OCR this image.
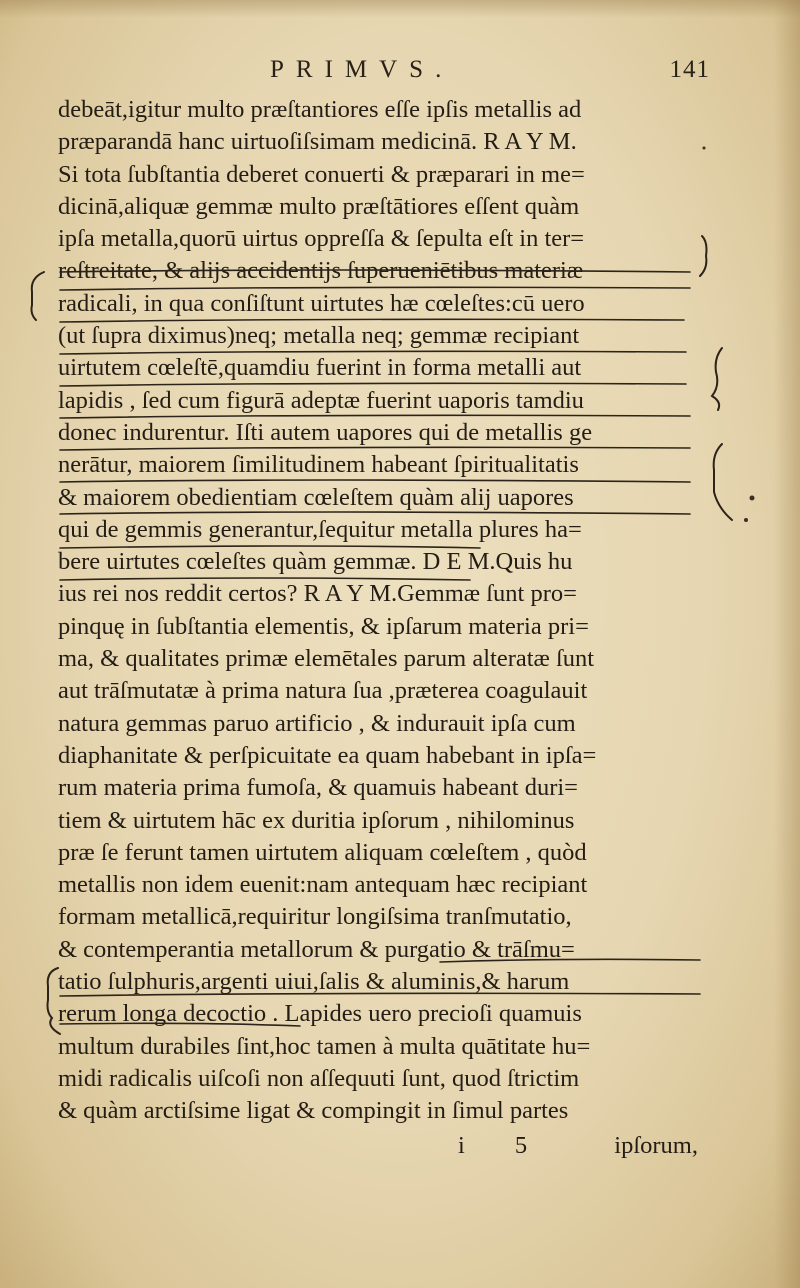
PRIMVS.	141
debeāt,igitur multo præſtantiores eſſe ipſis metallis ad
præparandā hanc uirtuoſiſsimam medicinā. R A Y M.
Si tota ſubſtantia deberet conuerti & præparari in me=
dicinā,aliquæ gemmæ multo præſtātiores eſſent quàm
ipſa metalla,quorū uirtus oppreſſa & ſepulta eſt in ter=
reſtreitate, & alijs accidentijs ſuperueniētibus materiæ
radicali, in qua conſiſtunt uirtutes hæ cœleſtes:cū uero
(ut ſupra diximus)neq; metalla neq; gemmæ recipiant
uirtutem cœleſtē,quamdiu fuerint in forma metalli aut
lapidis , ſed cum figurā adeptæ fuerint uaporis tamdiu
donec indurentur. Iſti autem uapores qui de metallis ge
nerātur, maiorem ſimilitudinem habeant ſpiritualitatis
& maiorem obedientiam cœleſtem quàm alij uapores
qui de gemmis generantur,ſequitur metalla plures ha=
bere uirtutes cœleſtes quàm gemmæ. D E M.Quis hu
ius rei nos reddit certos? R A Y M.Gemmæ ſunt pro=
pinquę in ſubſtantia elementis, & ipſarum materia pri=
ma, & qualitates primæ elemētales parum alteratæ ſunt
aut trāſmutatæ à prima natura ſua ,præterea coagulauit
natura gemmas paruo artificio , & indurauit ipſa cum
diaphanitate & perſpicuitate ea quam habebant in ipſa=
rum materia prima fumoſa, & quamuis habeant duri=
tiem & uirtutem hāc ex duritia ipſorum , nihilominus
præ ſe ferunt tamen uirtutem aliquam cœleſtem , quòd
metallis non idem euenit:nam antequam hæc recipiant
formam metallicā,requiritur longiſsima tranſmutatio,
& contemperantia metallorum & purgatio & trāſmu=
tatio ſulphuris,argenti uiui,ſalis & aluminis,& harum
rerum longa decoctio . Lapides uero precioſi quamuis
multum durabiles ſint,hoc tamen à multa quātitate hu=
midi radicalis uiſcoſi non aſſequuti ſunt, quod ſtrictim
& quàm arctiſsime ligat & compingit in ſimul partes
i 5	ipſorum,
